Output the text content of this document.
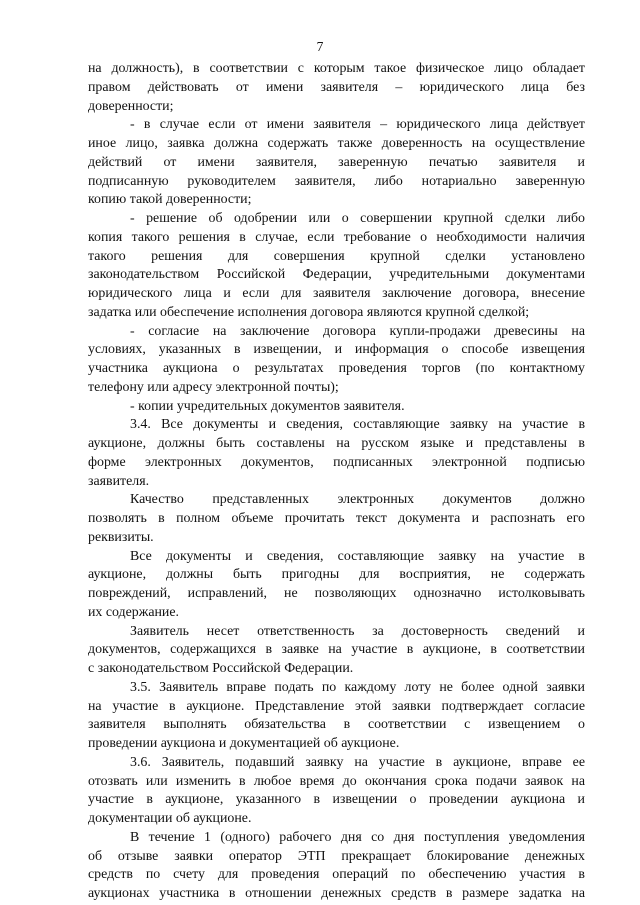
7

на должность), в соответствии с которым такое физическое лицо обладает

правом действовать от имени заявителя – юридического лица без

доверенности;

- в случае если от имени заявителя – юридического лица действует

иное лицо, заявка должна содержать также доверенность на осуществление

действий от имени заявителя, заверенную печатью заявителя и

подписанную руководителем заявителя, либо нотариально заверенную

копию такой доверенности;

- решение об одобрении или о совершении крупной сделки либо

копия такого решения в случае, если требование о необходимости наличия

такого решения для совершения крупной сделки установлено

законодательством Российской Федерации, учредительными документами

юридического лица и если для заявителя заключение договора, внесение

задатка или обеспечение исполнения договора являются крупной сделкой;

- согласие на заключение договора купли-продажи древесины на

условиях, указанных в извещении, и информация о способе извещения

участника аукциона о результатах проведения торгов (по контактному

телефону или адресу электронной почты);

- копии учредительных документов заявителя.

3.4. Все документы и сведения, составляющие заявку на участие в

аукционе, должны быть составлены на русском языке и представлены в

форме электронных документов, подписанных электронной подписью

заявителя.

Качество представленных электронных документов должно

позволять в полном объеме прочитать текст документа и распознать его

реквизиты.

Все документы и сведения, составляющие заявку на участие в

аукционе, должны быть пригодны для восприятия, не содержать

повреждений, исправлений, не позволяющих однозначно истолковывать

их содержание.

Заявитель несет ответственность за достоверность сведений и

документов, содержащихся в заявке на участие в аукционе, в соответствии

с законодательством Российской Федерации.

3.5. Заявитель вправе подать по каждому лоту не более одной заявки

на участие в аукционе. Представление этой заявки подтверждает согласие

заявителя выполнять обязательства в соответствии с извещением о

проведении аукциона и документацией об аукционе.

3.6. Заявитель, подавший заявку на участие в аукционе, вправе ее

отозвать или изменить в любое время до окончания срока подачи заявок на

участие в аукционе, указанного в извещении о проведении аукциона и

документации об аукционе.

В течение 1 (одного) рабочего дня со дня поступления уведомления

об отзыве заявки оператор ЭТП прекращает блокирование денежных

средств по счету для проведения операций по обеспечению участия в

аукционах участника в отношении денежных средств в размере задатка на
